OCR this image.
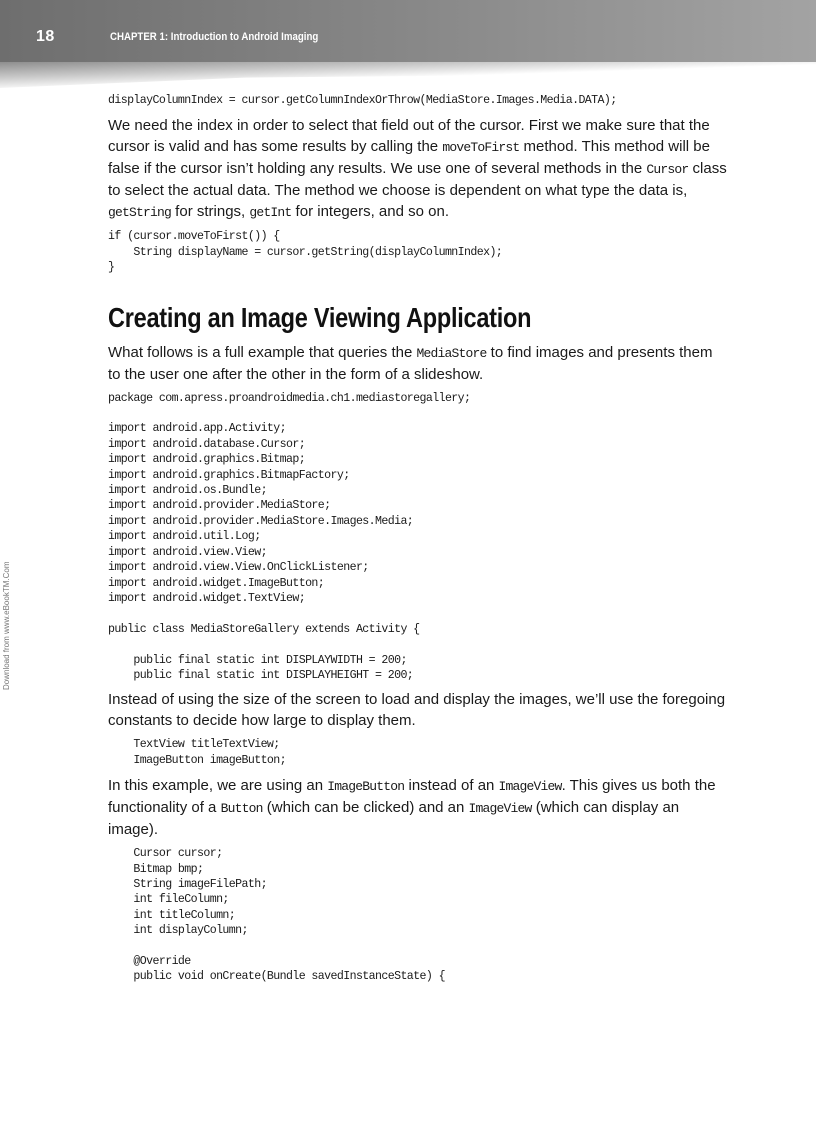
18	CHAPTER 1: Introduction to Android Imaging
Download from www.eBookTM.Com
displayColumnIndex = cursor.getColumnIndexOrThrow(MediaStore.Images.Media.DATA);

We need the index in order to select that field out of the cursor. First we make sure that the cursor is valid and has some results by calling the moveToFirst method. This method will be false if the cursor isn’t holding any results. We use one of several methods in the Cursor class to select the actual data. The method we choose is dependent on what type the data is, getString for strings, getInt for integers, and so on.

if (cursor.moveToFirst()) {
String displayName = cursor.getString(displayColumnIndex);
}
Creating an Image Viewing Application

What follows is a full example that queries the MediaStore to find images and presents them to the user one after the other in the form of a slideshow.

package com.apress.proandroidmedia.ch1.mediastoregallery;

import android.app.Activity;
import android.database.Cursor;
import android.graphics.Bitmap;
import android.graphics.BitmapFactory;
import android.os.Bundle;
import android.provider.MediaStore;
import android.provider.MediaStore.Images.Media;
import android.util.Log;
import android.view.View;
import android.view.View.OnClickListener;
import android.widget.ImageButton;
import android.widget.TextView;

public class MediaStoreGallery extends Activity {

public final static int DISPLAYWIDTH = 200;
public final static int DISPLAYHEIGHT = 200;

Instead of using the size of the screen to load and display the images, we’ll use the foregoing constants to decide how large to display them.

TextView titleTextView;
ImageButton imageButton;

In this example, we are using an ImageButton instead of an ImageView. This gives us both the functionality of a Button (which can be clicked) and an ImageView (which can display an image).

Cursor cursor;
Bitmap bmp;
String imageFilePath;
int fileColumn;
int titleColumn;
int displayColumn;

@Override
public void onCreate(Bundle savedInstanceState) {
